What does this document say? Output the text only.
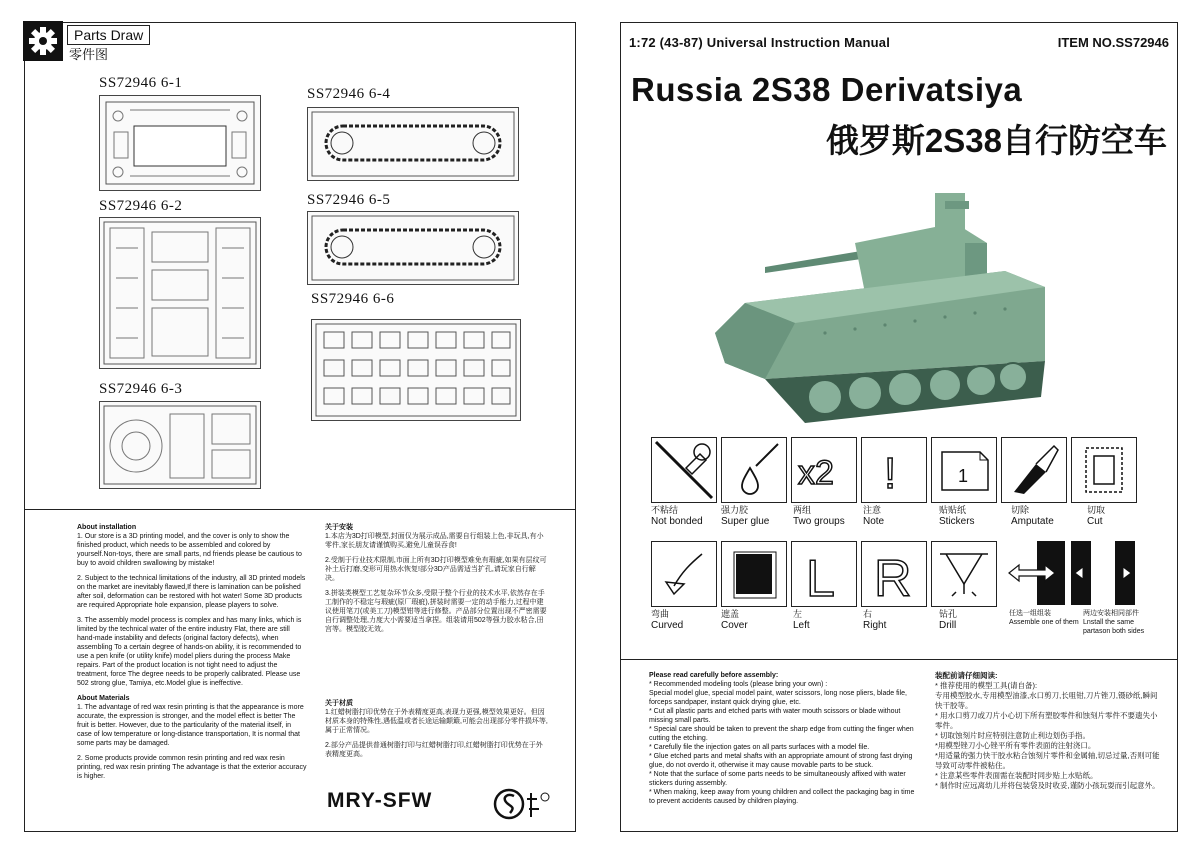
Parts Draw
零件图
SS72946 6-1
SS72946 6-4
SS72946 6-2	SS72946 6-5
SS72946 6-6
SS72946 6-3

About installation
1. Our store is a 3D printing model, and the cover is only to show the finished product, which needs to be assembled and colored by yourself.Non-toys, there are small parts, nd friends please be cautious to buy to avoid children swallowing by mistake!

2. Subject to the technical limitations of the industry, all 3D printed models on the market are inevitably flawed,If there is lamination can be polished after soil, deformation can be restored with hot water! Some 3D products are required Appropriate hole expansion, please players to solve.

3. The assembly model process is complex and has many links, which is limited by the technical water of the entire industry Flat, there are still hand-made instability and defects (original factory defects), when assembling To a certain degree of hands-on ability, it is recommended to use a pen knife (or utility knife) model pliers during the process Make repairs. Part of the product location is not tight need to adjust the treatment, force The degree needs to be properly calibrated. Please use 502 strong glue, Tamiya, etc.Model glue is ineffective.

About Materials
1. The advantage of red wax resin printing is that the appearance is more accurate, the expression is stronger, and the model effect is better The fruit is better. However, due to the particularity of the material itself, in case of low temperature or long-distance transportation, It is normal that some parts may be damaged.

2. Some products provide common resin printing and red wax resin printing, red wax resin printing The advantage is that the exterior accuracy is higher.

关于安装
1.本店为3D打印模型,封面仅为展示成品,需要自行组装上色,非玩具,有小零件,家长朋友请谨慎购买,避免儿童误吞食!

2.受制于行业技术限制,市面上所有3D打印模型难免有瑕疵,如果有层纹可补土后打磨,变形可用热水恢复!部分3D产品需适当扩孔,请玩家自行解决。

3.拼装类模型工艺复杂环节众多,受限于整个行业的技术水平,依然存在手工制作的不稳定与瑕疵(原厂瑕疵),拼装时需要一定的动手能力,过程中建议使用笔刀(或美工刀)模型钳等进行修整。产品部分位置出现不严密需要自行调整处理,力度大小需要适当拿捏。组装请用502等强力胶水粘合,田宫等。模型胶无效。

关于材质
1.红蜡树脂打印优势在于外表精度更高,表现力更强,模型效果更好。但因材质本身的特殊性,遇低温或者长途运输颠簸,可能会出现部分零件损坏等,属于正常情况。

2.部分产品提供普通树脂打印与红蜡树脂打印,红蜡树脂打印优势在于外表精度更高。

MRY-SFW
1:72 (43-87) Universal Instruction Manual	ITEM NO.SS72946
Russia 2S38 Derivatsiya
俄罗斯2S38自行防空车
x2 !	1
不粘结
Not bonded
强力胶
Super glue
两组
Two groups
注意
Note
贴贴纸
Stickers
切除
Amputate
切取
Cut
L R
弯曲
Curved
遮盖
Cover
左
Left
右
Right
钻孔
Drill
任选一组组装
Assemble one of them
两边安装相同部件
Lnstall the same partason both sides
Please read carefully before assembly:
* Recommended modeling tools (please bring your own) :
Special model glue, special model paint, water scissors, long nose pliers, blade file, forceps sandpaper, instant quick drying glue, etc.
* Cut all plastic parts and etched parts with water mouth scissors or blade without missing small parts.
* Special care should be taken to prevent the sharp edge from cutting the finger when cutting the etching.
* Carefully file the injection gates on all parts surfaces with a model file.
* Glue etched parts and metal shafts with an appropriate amount of strong fast drying glue, do not overdo it, otherwise it may cause movable parts to be stuck.
* Note that the surface of some parts needs to be simultaneously affixed with water stickers during assembly.
* When making, keep away from young children and collect the packaging bag in time to prevent accidents caused by children playing.
装配前请仔细阅读:
* 推荐使用的模型工具(请自备):
专用模型胶水,专用模型油漆,水口剪刀,长咀钳,刀片锉刀,镊砂纸,瞬间快干胶等。
* 用水口剪刀或刀片小心切下所有塑胶零件和蚀刻片零件不要遗失小零件。
* 切取蚀刻片时应特别注意防止利边划伤手指。
*用模型锉刀小心锉平所有零件表面的注射浇口。
*用适量的强力快干胶水粘合蚀刻片零件和金属轴,切忌过量,否则可能导致可动零件被粘住。
* 注意某些零件表面需在装配时同步贴上水贴纸。
* 制作时应远离幼儿并将包装袋及时收妥,谨防小孩玩耍而引起意外。
